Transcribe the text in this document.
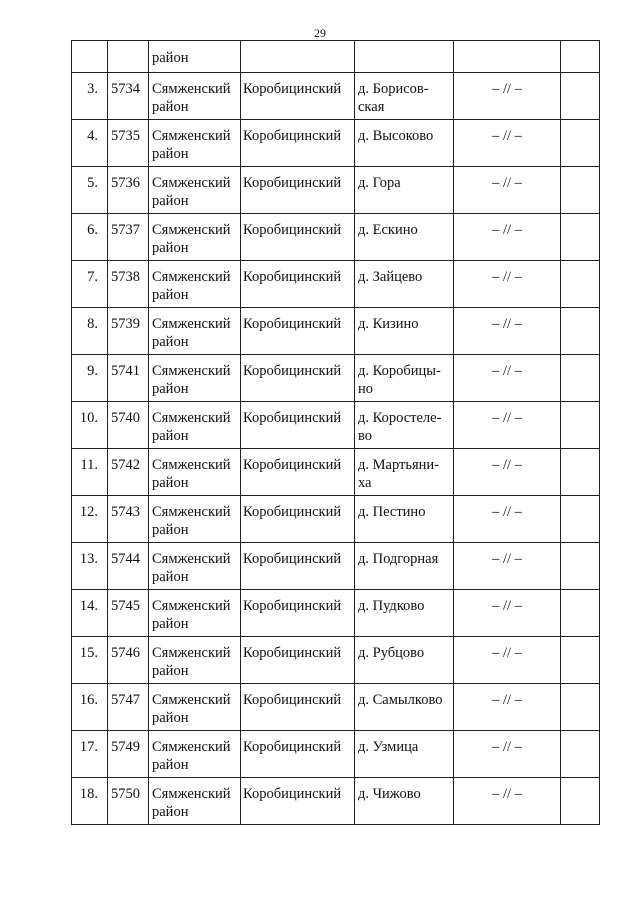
29
		район				
3.	5734	Сямженский
район	Коробицинский	д. Борисов-
ская	– // –	
4.	5735	Сямженский
район	Коробицинский	д. Высоково	– // –	
5.	5736	Сямженский
район	Коробицинский	д. Гора	– // –	
6.	5737	Сямженский
район	Коробицинский	д. Ескино	– // –	
7.	5738	Сямженский
район	Коробицинский	д. Зайцево	– // –	
8.	5739	Сямженский
район	Коробицинский	д. Кизино	– // –	
9.	5741	Сямженский
район	Коробицинский	д. Коробицы-
но	– // –	
10.	5740	Сямженский
район	Коробицинский	д. Коростеле-
во	– // –	
11.	5742	Сямженский
район	Коробицинский	д. Мартьяни-
ха	– // –	
12.	5743	Сямженский
район	Коробицинский	д. Пестино	– // –	
13.	5744	Сямженский
район	Коробицинский	д. Подгорная	– // –	
14.	5745	Сямженский
район	Коробицинский	д. Пудково	– // –	
15.	5746	Сямженский
район	Коробицинский	д. Рубцово	– // –	
16.	5747	Сямженский
район	Коробицинский	д. Самылково	– // –	
17.	5749	Сямженский
район	Коробицинский	д. Узмица	– // –	
18.	5750	Сямженский
район	Коробицинский	д. Чижово	– // –	
